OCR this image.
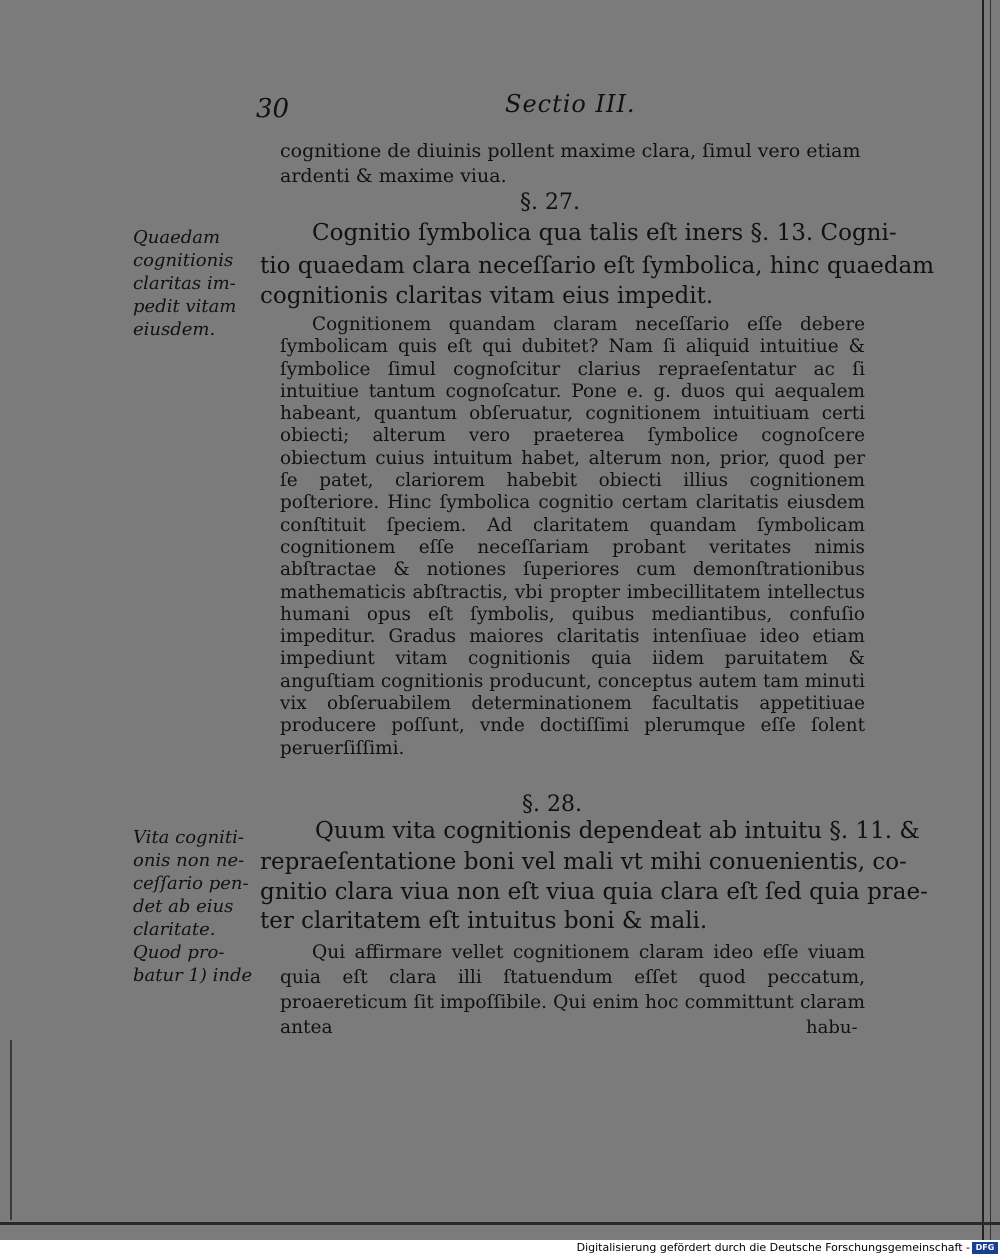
30	Sectio III.
cognitione de diuinis pollent maxime clara, ſimul vero etiam
ardenti & maxime viua.
§. 27.
Quaedam
cognitionis
claritas im-
pedit vitam
eiusdem.
Cognitio ſymbolica qua talis eſt iners §. 13. Cogni-
tio quaedam clara neceſſario eſt ſymbolica, hinc quaedam
cognitionis claritas vitam eius impedit.
Cognitionem quandam claram neceſſario eſſe debere ſymbolicam quis eſt qui dubitet? Nam ſi aliquid intuitiue & ſymbolice ſimul cognoſcitur clarius repraeſentatur ac ſi intuitiue tantum cognoſcatur. Pone e. g. duos qui aequalem habeant, quantum obſeruatur, cognitionem intuitiuam certi obiecti; alterum vero praeterea ſymbolice cognoſcere obiectum cuius intuitum habet, alterum non, prior, quod per ſe patet, clariorem habebit obiecti illius cognitionem poſteriore. Hinc ſymbolica cognitio certam claritatis eiusdem conſtituit ſpeciem. Ad claritatem quandam ſymbolicam cognitionem eſſe neceſſariam probant veritates nimis abſtractae & notiones ſuperiores cum demonſtrationibus mathematicis abſtractis, vbi propter imbecillitatem intellectus humani opus eſt ſymbolis, quibus mediantibus, confuſio impeditur. Gradus maiores claritatis intenſiuae ideo etiam impediunt vitam cognitionis quia iidem paruitatem & anguſtiam cognitionis producunt, conceptus autem tam minuti vix obſeruabilem determinationem facultatis appetitiuae producere poſſunt, vnde doctiſſimi plerumque eſſe ſolent peruerſiſſimi.
§. 28.
Vita cogniti-
onis non ne-
ceſſario pen-
det ab eius
claritate.
Quod pro-
batur 1) inde
Quum vita cognitionis dependeat ab intuitu §. 11. &
repraeſentatione boni vel mali vt mihi conuenientis, co-
gnitio clara viua non eſt viua quia clara eſt ſed quia prae-
ter claritatem eſt intuitus boni & mali.
Qui affirmare vellet cognitionem claram ideo eſſe viuam quia eſt clara illi ſtatuendum eſſet quod peccatum, proaereticum ſit impoſſibile. Qui enim hoc committunt claram antea	habu-
Digitalisierung gefördert durch die Deutsche Forschungsgemeinschaft - DFG
